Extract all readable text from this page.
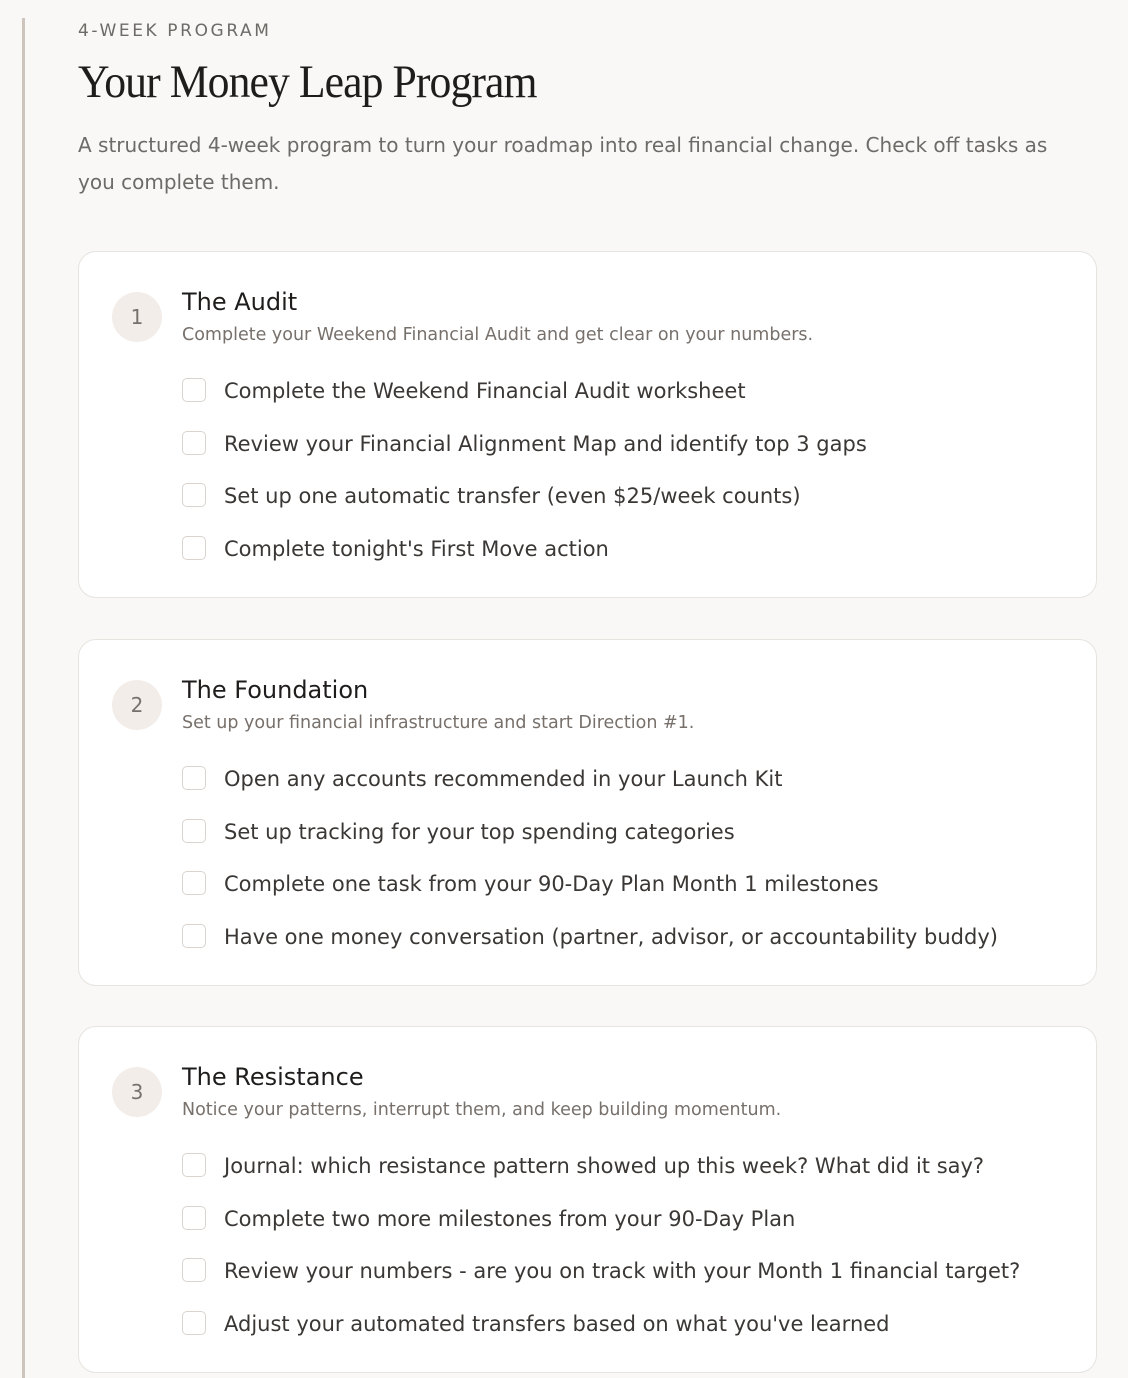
4-WEEK PROGRAM
Your Money Leap Program

A structured 4-week program to turn your roadmap into real financial change. Check off tasks as you complete them.

1
The Audit
Complete your Weekend Financial Audit and get clear on your numbers.
Complete the Weekend Financial Audit worksheet
Review your Financial Alignment Map and identify top 3 gaps
Set up one automatic transfer (even $25/week counts)
Complete tonight's First Move action
2
The Foundation
Set up your financial infrastructure and start Direction #1.
Open any accounts recommended in your Launch Kit
Set up tracking for your top spending categories
Complete one task from your 90-Day Plan Month 1 milestones
Have one money conversation (partner, advisor, or accountability buddy)
3
The Resistance
Notice your patterns, interrupt them, and keep building momentum.
Journal: which resistance pattern showed up this week? What did it say?
Complete two more milestones from your 90-Day Plan
Review your numbers - are you on track with your Month 1 financial target?
Adjust your automated transfers based on what you've learned
